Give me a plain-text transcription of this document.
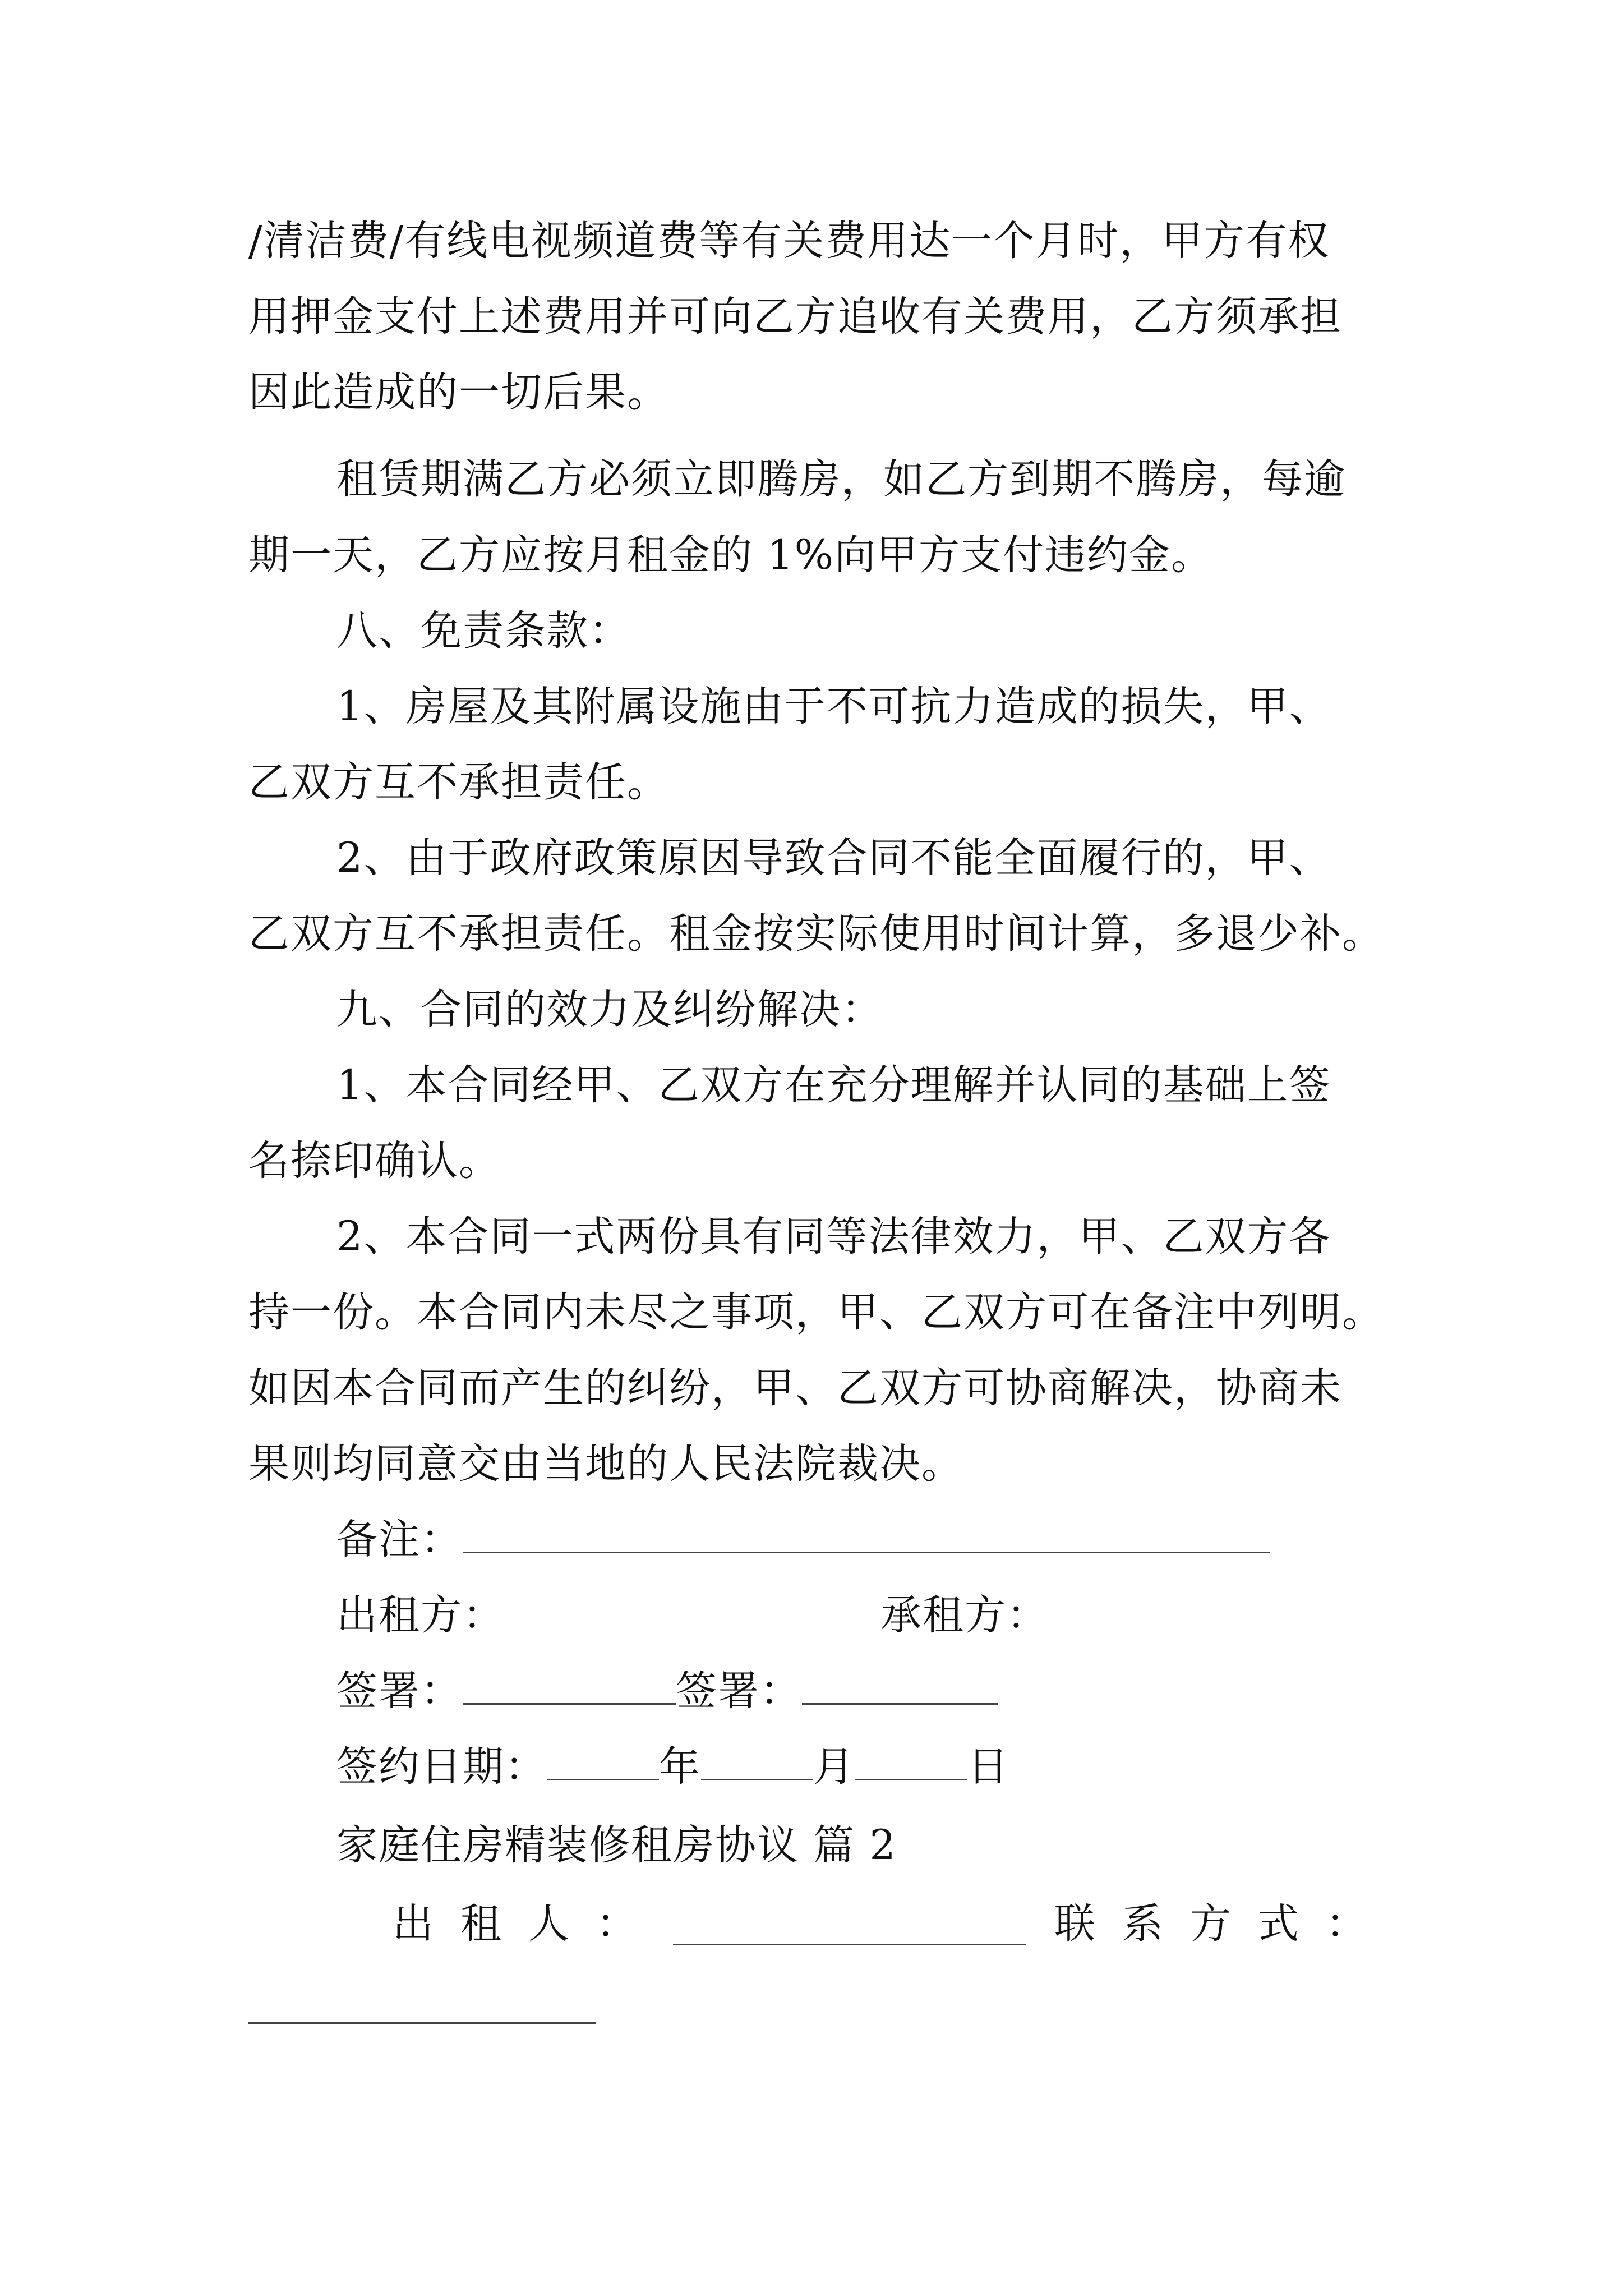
/清洁费/有线电视频道费等有关费用达一个月时，甲方有权
用押金支付上述费用并可向乙方追收有关费用，乙方须承担
因此造成的一切后果。
租赁期满乙方必须立即腾房，如乙方到期不腾房，每逾
期一天，乙方应按月租金的 1%向甲方支付违约金。
八、免责条款：
1、房屋及其附属设施由于不可抗力造成的损失，甲、
乙双方互不承担责任。
2、由于政府政策原因导致合同不能全面履行的，甲、
乙双方互不承担责任。租金按实际使用时间计算，多退少补。
九、合同的效力及纠纷解决：
1、本合同经甲、乙双方在充分理解并认同的基础上签
名捺印确认。
2、本合同一式两份具有同等法律效力，甲、乙双方各
持一份。本合同内未尽之事项，甲、乙双方可在备注中列明。
如因本合同而产生的纠纷，甲、乙双方可协商解决，协商未
果则均同意交由当地的人民法院裁决。
备注：
出租方：	承租方：
签署：	签署：
签约日期：	年	月	日
家庭住房精装修租房协议 篇 2
出租人：	联系方式：
